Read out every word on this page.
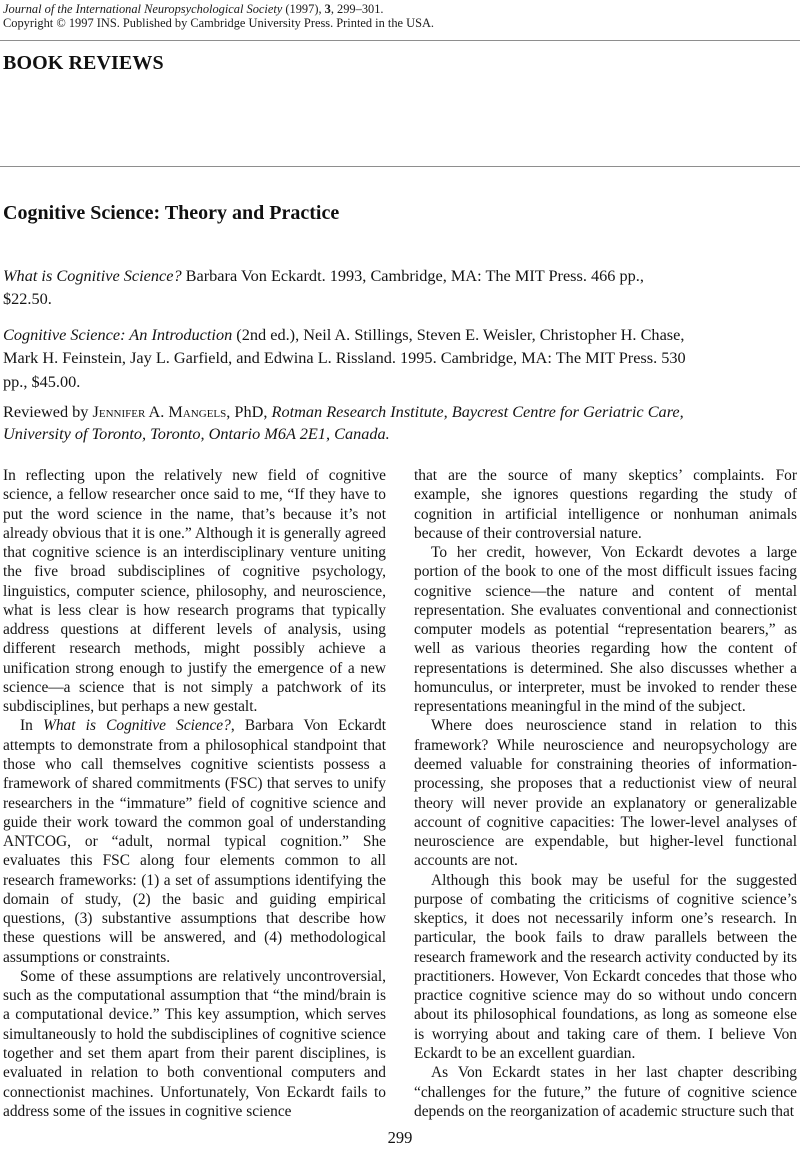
Journal of the International Neuropsychological Society (1997), 3, 299–301.
Copyright © 1997 INS. Published by Cambridge University Press. Printed in the USA.
BOOK REVIEWS
Cognitive Science: Theory and Practice

What is Cognitive Science? Barbara Von Eckardt. 1993, Cambridge, MA: The MIT Press. 466 pp., $22.50.

Cognitive Science: An Introduction (2nd ed.), Neil A. Stillings, Steven E. Weisler, Christopher H. Chase, Mark H. Feinstein, Jay L. Garfield, and Edwina L. Rissland. 1995. Cambridge, MA: The MIT Press. 530 pp., $45.00.

Reviewed by Jennifer A. Mangels, PhD, Rotman Research Institute, Baycrest Centre for Geriatric Care, University of Toronto, Toronto, Ontario M6A 2E1, Canada.

In reflecting upon the relatively new field of cognitive science, a fellow researcher once said to me, “If they have to put the word science in the name, that’s because it’s not already obvious that it is one.” Although it is generally agreed that cognitive science is an interdisciplinary venture uniting the five broad subdisciplines of cognitive psychology, linguistics, computer science, philosophy, and neuroscience, what is less clear is how research programs that typically address questions at different levels of analysis, using different research methods, might possibly achieve a unification strong enough to justify the emergence of a new science—a science that is not simply a patchwork of its subdisciplines, but perhaps a new gestalt.

In What is Cognitive Science?, Barbara Von Eckardt attempts to demonstrate from a philosophical standpoint that those who call themselves cognitive scientists possess a framework of shared commitments (FSC) that serves to unify researchers in the “immature” field of cognitive science and guide their work toward the common goal of understanding ANTCOG, or “adult, normal typical cognition.” She evaluates this FSC along four elements common to all research frameworks: (1) a set of assumptions identifying the domain of study, (2) the basic and guiding empirical questions, (3) substantive assumptions that describe how these questions will be answered, and (4) methodological assumptions or constraints.

Some of these assumptions are relatively uncontroversial, such as the computational assumption that “the mind/brain is a computational device.” This key assumption, which serves simultaneously to hold the subdisciplines of cognitive science together and set them apart from their parent disciplines, is evaluated in relation to both conventional computers and connectionist machines. Unfortunately, Von Eckardt fails to address some of the issues in cognitive science

that are the source of many skeptics’ complaints. For example, she ignores questions regarding the study of cognition in artificial intelligence or nonhuman animals because of their controversial nature.

To her credit, however, Von Eckardt devotes a large portion of the book to one of the most difficult issues facing cognitive science—the nature and content of mental representation. She evaluates conventional and connectionist computer models as potential “representation bearers,” as well as various theories regarding how the content of representations is determined. She also discusses whether a homunculus, or interpreter, must be invoked to render these representations meaningful in the mind of the subject.

Where does neuroscience stand in relation to this framework? While neuroscience and neuropsychology are deemed valuable for constraining theories of information-processing, she proposes that a reductionist view of neural theory will never provide an explanatory or generalizable account of cognitive capacities: The lower-level analyses of neuroscience are expendable, but higher-level functional accounts are not.

Although this book may be useful for the suggested purpose of combating the criticisms of cognitive science’s skeptics, it does not necessarily inform one’s research. In particular, the book fails to draw parallels between the research framework and the research activity conducted by its practitioners. However, Von Eckardt concedes that those who practice cognitive science may do so without undo concern about its philosophical foundations, as long as someone else is worrying about and taking care of them. I believe Von Eckardt to be an excellent guardian.

As Von Eckardt states in her last chapter describing “challenges for the future,” the future of cognitive science depends on the reorganization of academic structure such that

299
